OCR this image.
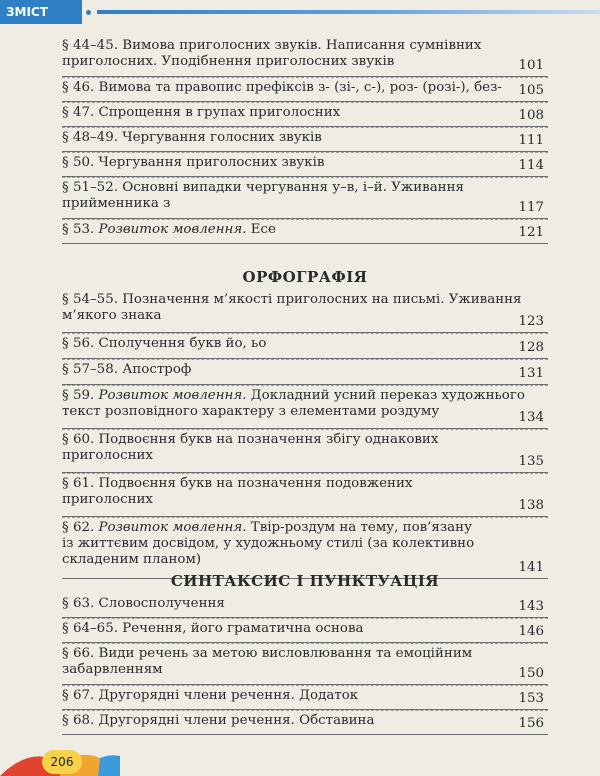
ЗМІСТ
§ 44–45. Вимова приголосних звуків. Написання сумнівних
приголосних. Уподібнення приголосних звуків	101
§ 46. Вимова та правопис префіксів з- (зі-, с-), роз- (розі-), без-	105
§ 47. Спрощення в групах приголосних	108
§ 48–49. Чергування голосних звуків	111
§ 50. Чергування приголосних звуків	114
§ 51–52. Основні випадки чергування у–в, і–й. Уживання
прийменника з	117
§ 53. Розвиток мовлення. Есе	121
ОРФОГРАФІЯ
§ 54–55. Позначення м’якості приголосних на письмі. Уживання
м’якого знака	123
§ 56. Сполучення букв йо, ьо	128
§ 57–58. Апостроф	131
§ 59. Розвиток мовлення. Докладний усний переказ художнього
текст розповідного характеру з елементами роздуму	134
§ 60. Подвоєння букв на позначення збігу однакових
приголосних	135
§ 61. Подвоєння букв на позначення подовжених
приголосних	138
§ 62. Розвиток мовлення. Твір-роздум на тему, пов’язану
із життєвим досвідом, у художньому стилі (за колективно
складеним планом)
141
СИНТАКСИС І ПУНКТУАЦІЯ
§ 63. Словосполучення	143
§ 64–65. Речення, його граматична основа	146
§ 66. Види речень за метою висловлювання та емоційним
забарвленням	150
§ 67. Другорядні члени речення. Додаток	153
§ 68. Другорядні члени речення. Обставина	156
206
